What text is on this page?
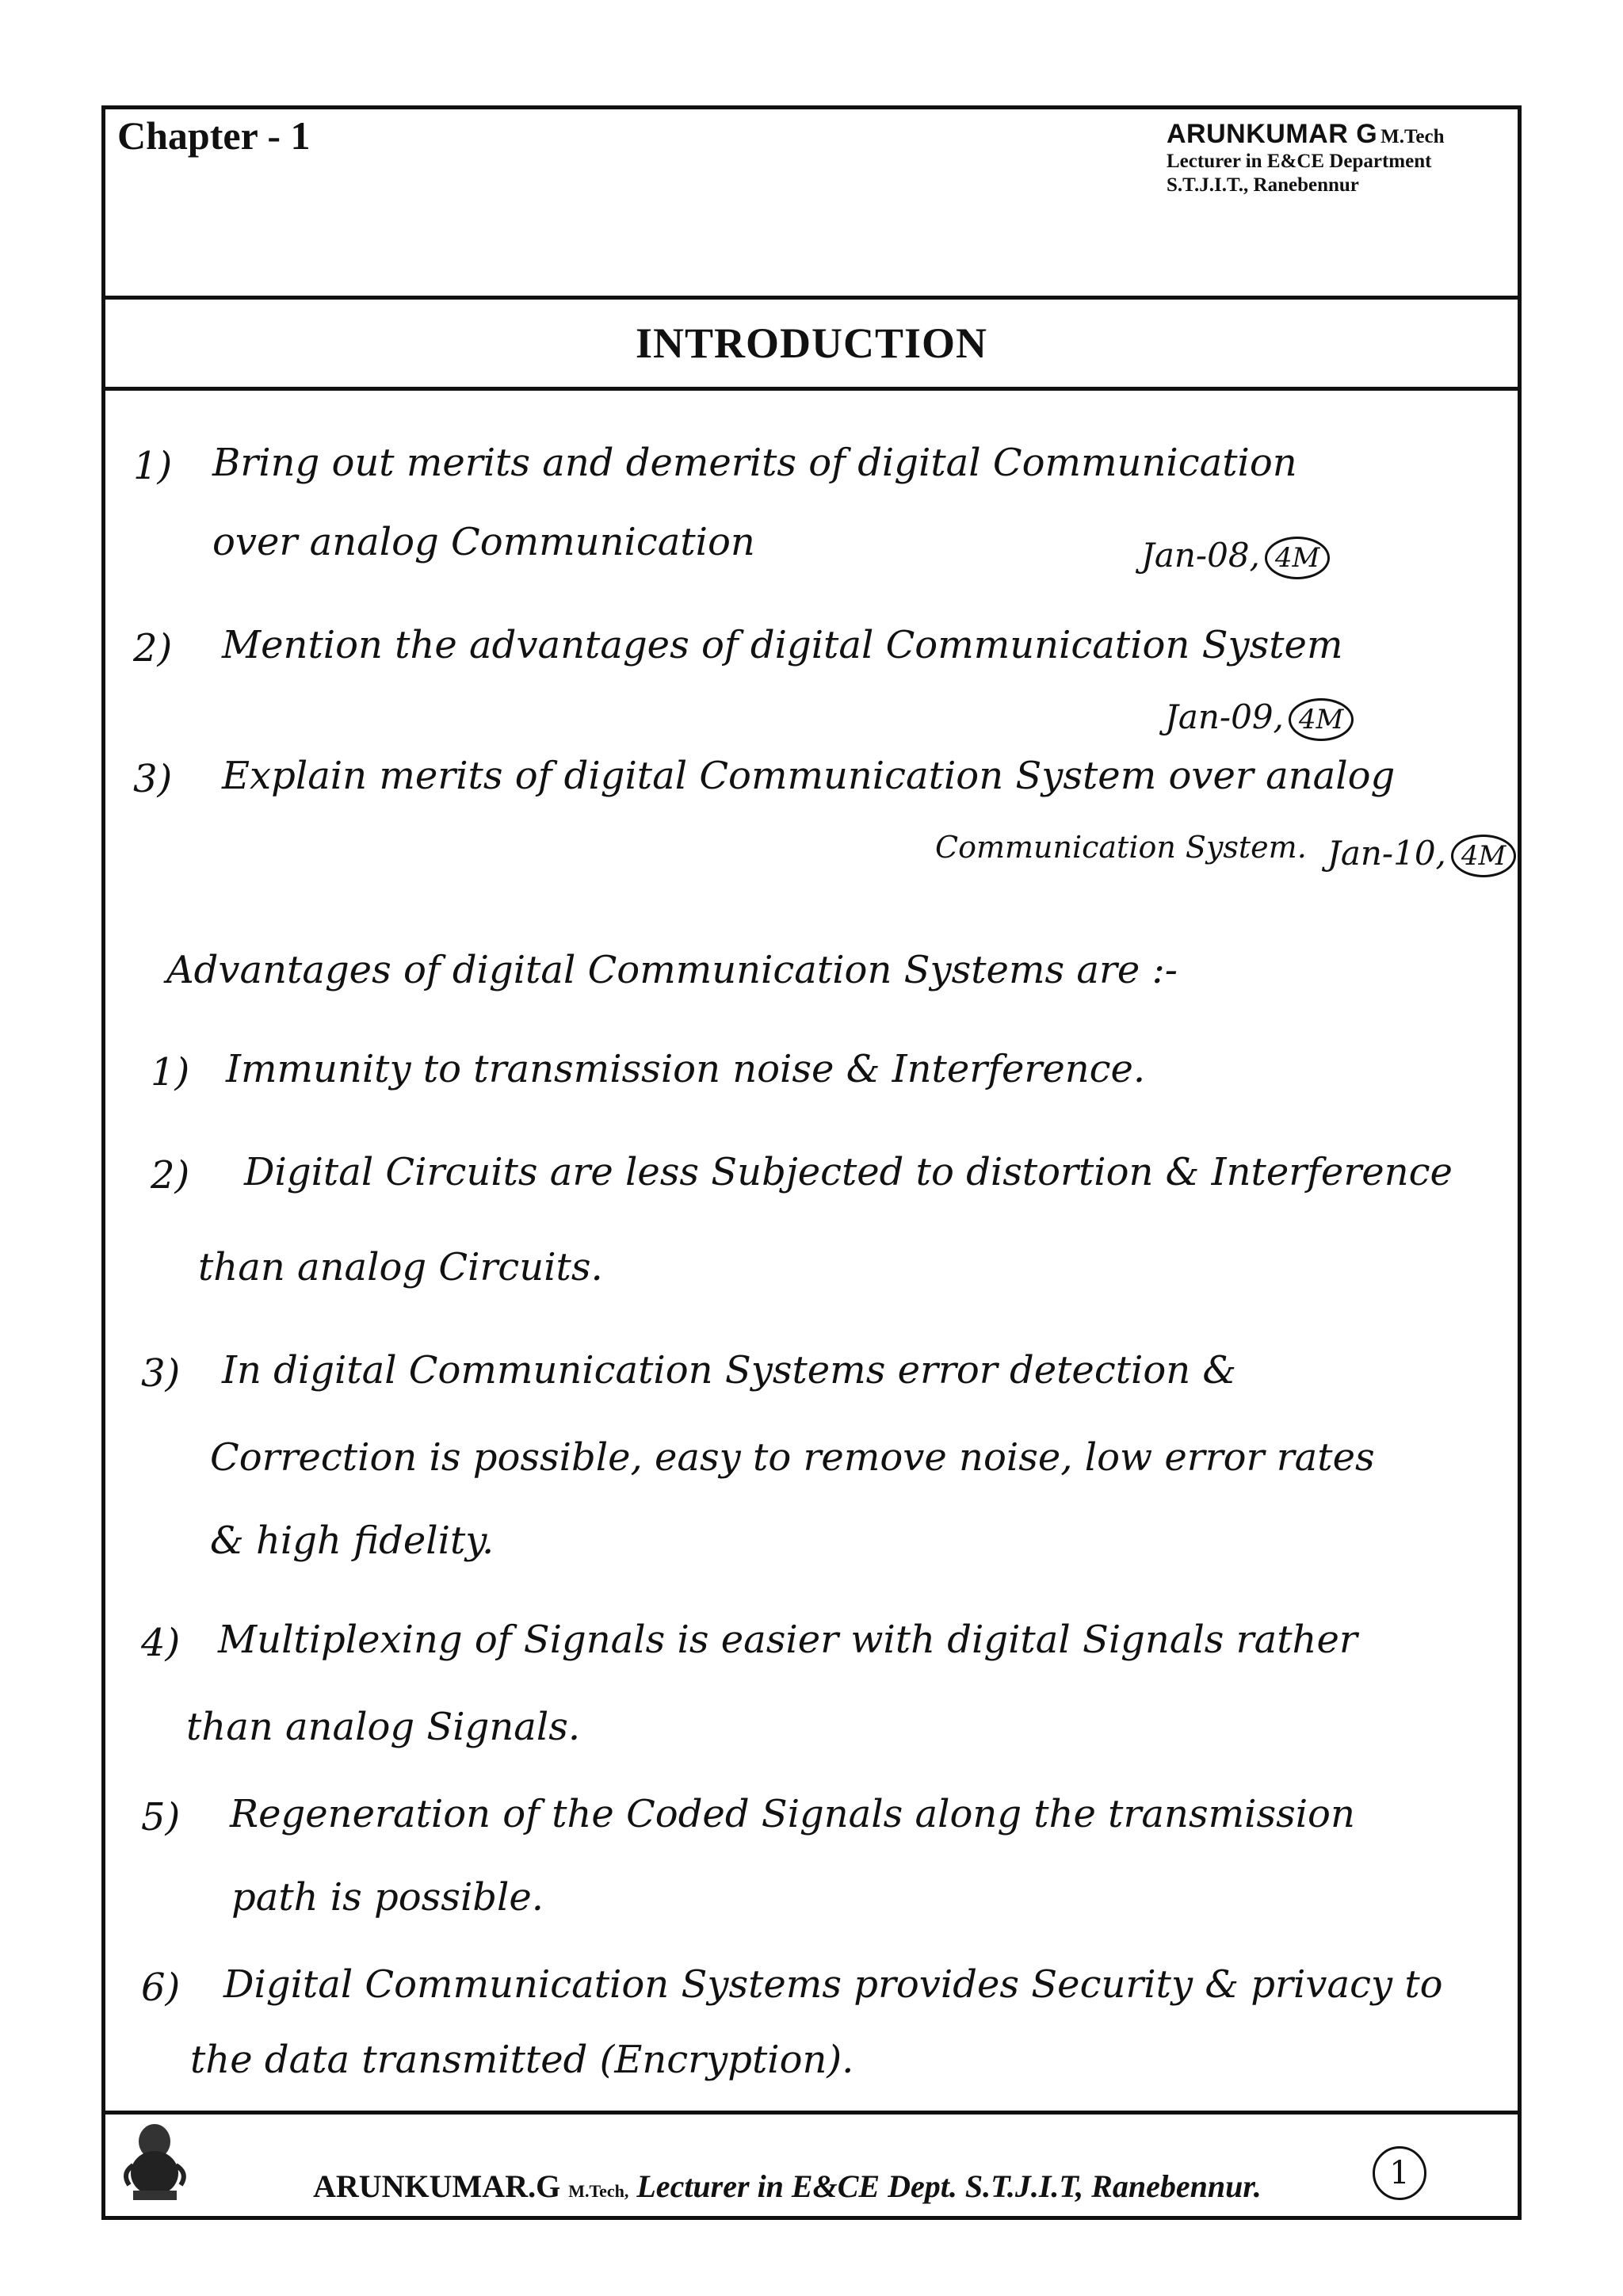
Chapter - 1	ARUNKUMAR G M.Tech
Lecturer in E&CE Department
S.T.J.I.T., Ranebennur
INTRODUCTION
1) Bring out merits and demerits of digital Communication
over analog Communication	Jan-08, 4M
2) Mention the advantages of digital Communication System
Jan-09, 4M
3) Explain merits of digital Communication System over analog
Communication System. Jan-10, 4M
Advantages of digital Communication Systems are :-
1) Immunity to transmission noise & Interference.
2) Digital Circuits are less Subjected to distortion & Interference
than analog Circuits.
3) In digital Communication Systems error detection &
Correction is possible, easy to remove noise, low error rates
& high fidelity.
4) Multiplexing of Signals is easier with digital Signals rather
than analog Signals.
5) Regeneration of the Coded Signals along the transmission
path is possible.
6) Digital Communication Systems provides Security & privacy to
the data transmitted (Encryption).
ARUNKUMAR.G M.Tech, Lecturer in E&CE Dept. S.T.J.I.T, Ranebennur.	1
